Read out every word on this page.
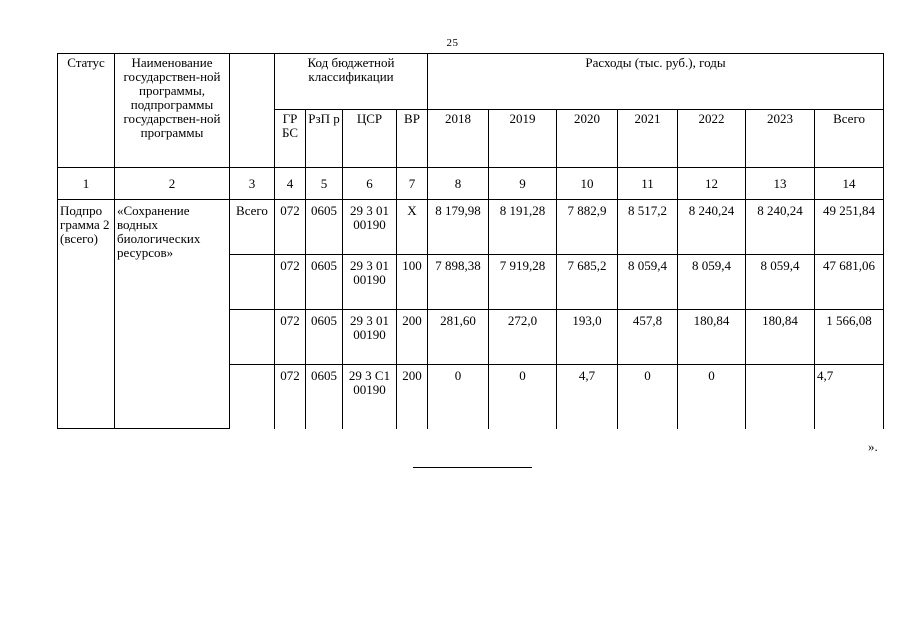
25
Статус	Наименование государствен-ной программы, подпрограммы государствен-ной программы		Код бюджетной классификации				Расходы (тыс. руб.), годы						
			ГР БС	РзП р	ЦСР	ВР	2018	2019	2020	2021	2022	2023	Всего
1	2	3	4	5	6	7	8	9	10	11	12	13	14
Подпро грамма 2 (всего)	«Сохранение водных биологических ресурсов»	Всего	072	0605	29 3 01 00190	Х	8 179,98	8 191,28	7 882,9	8 517,2	8 240,24	8 240,24	49 251,84
			072	0605	29 3 01 00190	100	7 898,38	7 919,28	7 685,2	8 059,4	8 059,4	8 059,4	47 681,06
			072	0605	29 3 01 00190	200	281,60	272,0	193,0	457,8	180,84	180,84	1 566,08
			072	0605	29 3 С1 00190	200	0	0	4,7	0	0		4,7
».
